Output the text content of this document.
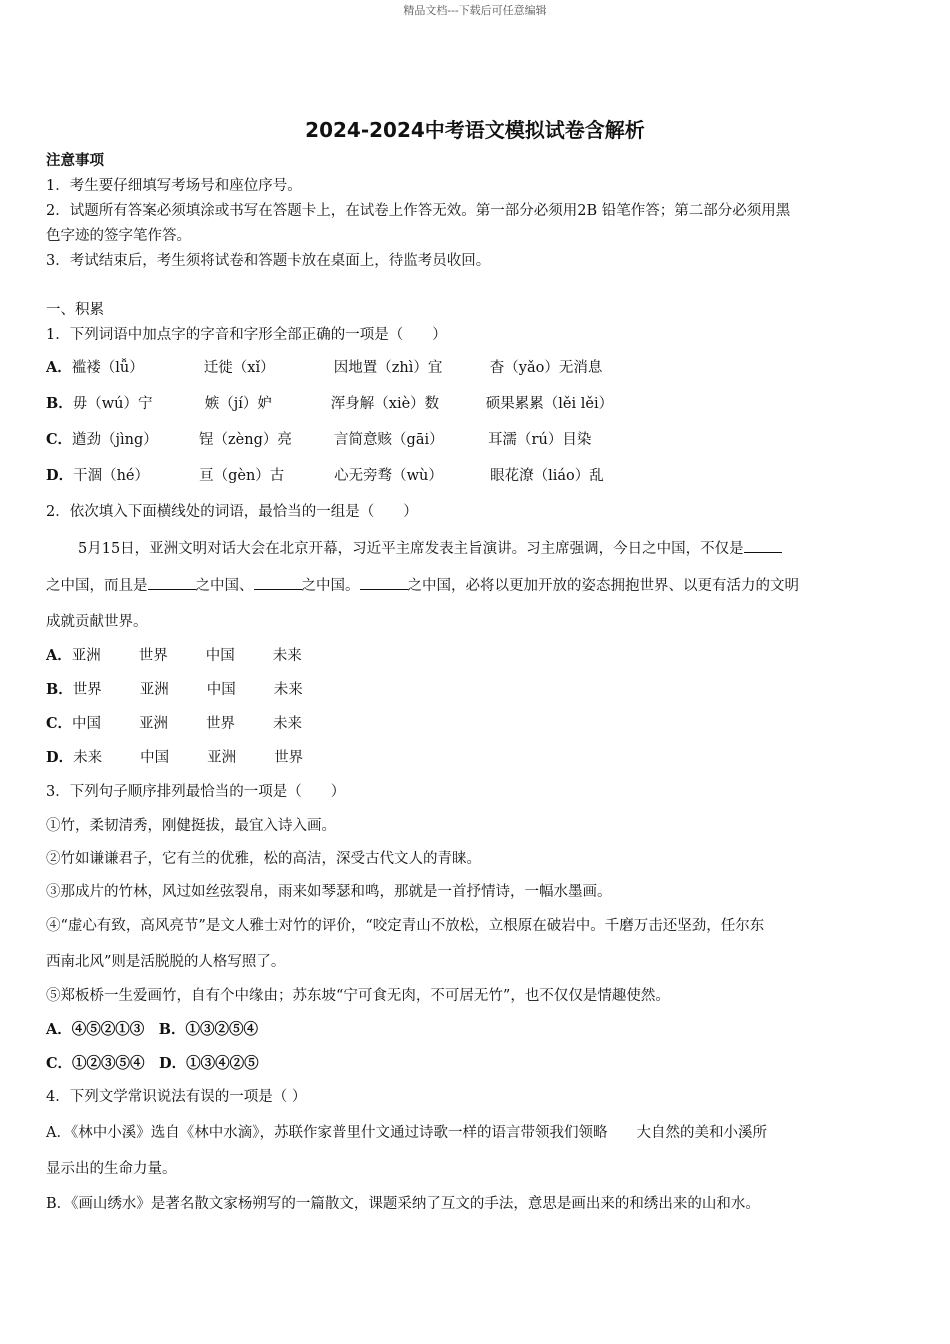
精品文档---下载后可任意编辑
2024-2024中考语文模拟试卷含解析
注意事项
1．考生要仔细填写考场号和座位序号。
2．试题所有答案必须填涂或书写在答题卡上，在试卷上作答无效。第一部分必须用2B 铅笔作答；第二部分必须用黑
色字迹的签字笔作答。
3．考试结束后，考生须将试卷和答题卡放在桌面上，待监考员收回。
一、积累
1．下列词语中加点字的字音和字形全部正确的一项是（　　）
A．褴褛（lǚ）	迁徙（xǐ）	因地置（zhì）宜	杳（yǎo）无消息
B．毋（wú）宁	嫉（jí）妒	浑身解（xiè）数	硕果累累（lěi lěi）
C．遒劲（jìng）	锃（zèng）亮	言简意赅（gāi）	耳濡（rú）目染
D．干涸（hé）	亘（gèn）古	心无旁骛（wù）	眼花潦（liáo）乱
2．依次填入下面横线处的词语，最恰当的一组是（　　）
5月15日，亚洲文明对话大会在北京开幕，习近平主席发表主旨演讲。习主席强调，今日之中国，不仅是
之中国，而且是	之中国、	之中国。	之中国，必将以更加开放的姿态拥抱世界、以更有活力的文明
成就贡献世界。
A．亚洲	世界	中国	未来
B．世界	亚洲	中国	未来
C．中国	亚洲	世界	未来
D．未来	中国	亚洲	世界
3．下列句子顺序排列最恰当的一项是（　　）
①竹，柔韧清秀，刚健挺拔，最宜入诗入画。
②竹如谦谦君子，它有兰的优雅，松的高洁，深受古代文人的青睐。
③那成片的竹林，风过如丝弦裂帛，雨来如琴瑟和鸣，那就是一首抒情诗，一幅水墨画。
④“虚心有致，高风亮节”是文人雅士对竹的评价，“咬定青山不放松，立根原在破岩中。千磨万击还坚劲，任尔东
西南北风”则是活脱脱的人格写照了。
⑤郑板桥一生爱画竹，自有个中缘由；苏东坡“宁可食无肉，不可居无竹”，也不仅仅是情趣使然。
A．④⑤②①③　B．①③②⑤④
C．①②③⑤④　D．①③④②⑤
4．下列文学常识说法有误的一项是（ ）
A．《林中小溪》选自《林中水滴》，苏联作家普里什文通过诗歌一样的语言带领我们领略　　大自然的美和小溪所
显示出的生命力量。
B．《画山绣水》是著名散文家杨朔写的一篇散文，课题采纳了互文的手法，意思是画出来的和绣出来的山和水。
